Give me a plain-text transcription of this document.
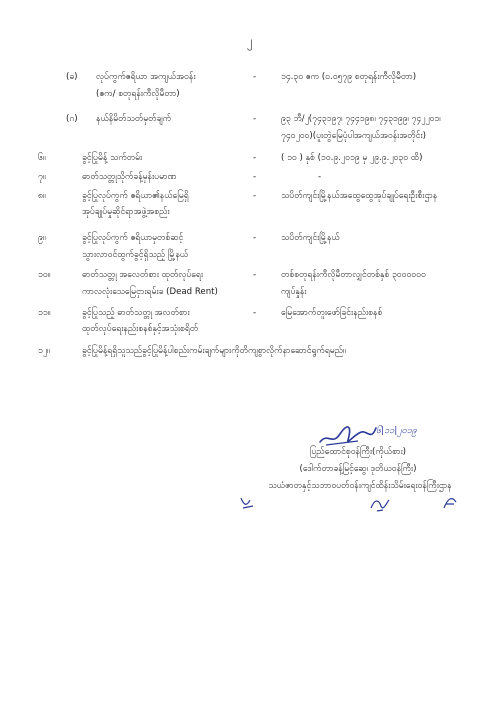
၂
(ခ) လုပ်ကွက်ဧရိယာ အကျယ်အဝန်း
(ဧက/ စတုရန်းကီလိုမီတာ)
-	၁၄.၃၀ ဧက (၀.၀၅၇၉ စတုရန်းကီလိုမီတာ)
(ဂ) နယ်နိမိတ်သတ်မှတ်ချက်	-	၉၃ ဘီ/၂(၇၄၃၁၉၇၊ ၇၄၄၁၉၈၊ ၇၄၃၁၉၉၊ ၇၄၂၂၀၁၊
၇၄၀၂၀၀)(ပူးတွဲမြေပုံပါအကျယ်အဝန်းအတိုင်း)
၆။	ခွင့်ပြုမိန့် သက်တမ်း	-	( ၁၀ ) နှစ် (၁၀.၉.၂၀၁၉ မှ ၂၉.၉.၂၀၃၀ ထိ)
၇။	ဓာတ်သတ္တုသိုက်ခန့်မှန်းပမာဏ	-	-
၈။	ခွင့်ပြုလုပ်ကွက် ဧရိယာ၏နယ်မြေရှိ
အုပ်ချုပ်မှုဆိုင်ရာအဖွဲ့အစည်း
-	သပိတ်ကျင်းမြို့နယ်အထွေထွေအုပ်ချုပ်ရေးဦးစီးဌာန
၉။	ခွင့်ပြုလုပ်ကွက် ဧရိယာမှတစ်ဆင့်
သွားလာဝင်ထွက်ခွင့်ရှိသည့် မြို့နယ်
-	သပိတ်ကျင်းမြို့နယ်
၁၀။	ဓာတ်သတ္တု အလေတ်စား ထုတ်လုပ်ရေး
ကာလလုံးသေမြေငှားရမ်းခ (Dead Rent)
-	တစ်စတုရန်းကီလိုမီတာလျှင်တစ်နှစ် ၃၀၀၀၀၀၀
ကျပ်နှုန်း
၁၁။	ခွင့်ပြုသည့် ဓာတ်သတ္တု အလတ်စား
ထုတ်လုပ်ရေးနည်းစနစ်နှင့်အသုံးစရိတ်
-	မြေအောက်တူးဖော်ခြင်းနည်းစနစ်
၁၂။	ခွင့်ပြုမိန့်ရရှိသူသည်ခွင့်ပြုမိန့်ပါစည်းကမ်းချက်များကိုတိကျစွာလိုက်နာဆောင်ရွက်ရမည်။
၆|၁၁|၂၀၁၉
ပြည်ထောင်စုဝန်ကြီး(ကိုယ်စား)
(ဒေါက်တာခန့်မြင့်ဆွေ၊ ဒုတိယဝန်ကြီး)
သယံဇာတနှင့်သဘာဝပတ်ဝန်းကျင်ထိန်းသိမ်းရေးဝန်ကြီးဌာန
